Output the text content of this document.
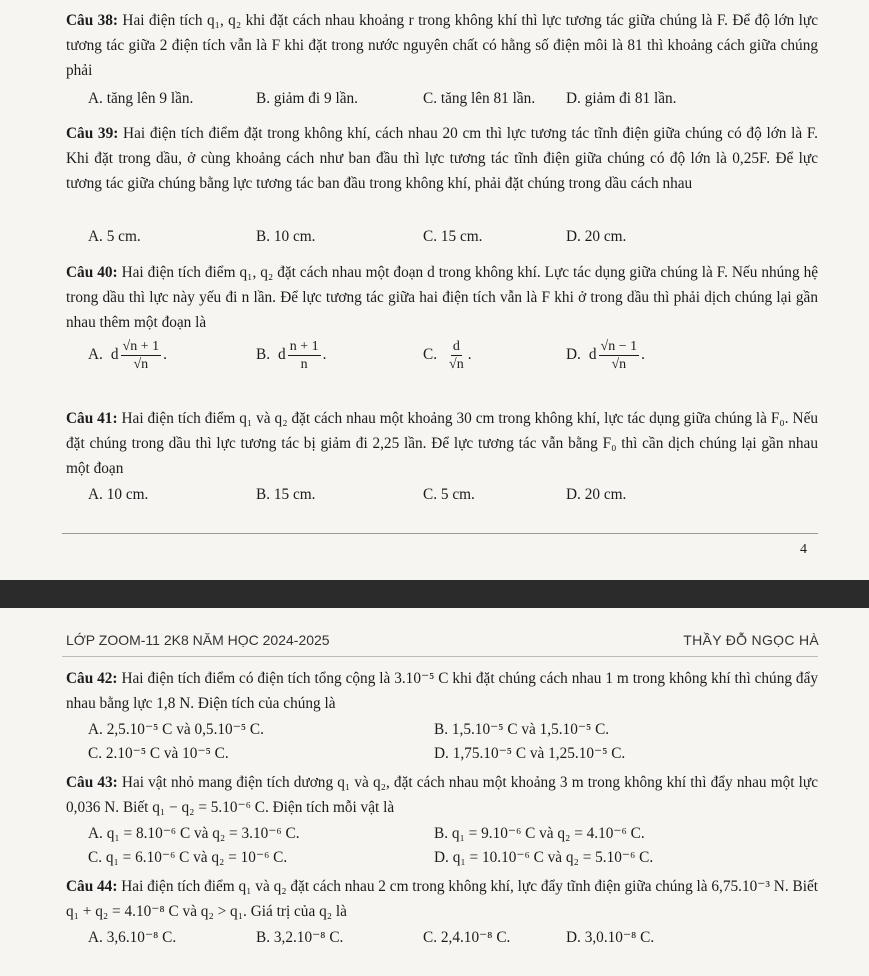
Câu 38: Hai điện tích q₁, q₂ khi đặt cách nhau khoảng r trong không khí thì lực tương tác giữa chúng là F. Để độ lớn lực tương tác giữa 2 điện tích vẫn là F khi đặt trong nước nguyên chất có hằng số điện môi là 81 thì khoảng cách giữa chúng phải
A. tăng lên 9 lần.	B. giảm đi 9 lần.	C. tăng lên 81 lần. D. giảm đi 81 lần.
Câu 39: Hai điện tích điểm đặt trong không khí, cách nhau 20 cm thì lực tương tác tĩnh điện giữa chúng có độ lớn là F. Khi đặt trong dầu, ở cùng khoảng cách như ban đầu thì lực tương tác tĩnh điện giữa chúng có độ lớn là 0,25F. Để lực tương tác giữa chúng bằng lực tương tác ban đầu trong không khí, phải đặt chúng trong dầu cách nhau
A. 5 cm.	B. 10 cm.	C. 15 cm.	D. 20 cm.
Câu 40: Hai điện tích điểm q₁, q₂ đặt cách nhau một đoạn d trong không khí. Lực tác dụng giữa chúng là F. Nếu nhúng hệ trong dầu thì lực này yếu đi n lần. Để lực tương tác giữa hai điện tích vẫn là F khi ở trong dầu thì phải dịch chúng lại gần nhau thêm một đoạn là
A. d $\frac{√n + 1}{√n}$ .	B. d $\frac{n + 1}{n}$ .	C. $\frac{d}{√n}$ .	D. d $\frac{√n - 1}{√n}$ .
Câu 41: Hai điện tích điểm q₁ và q₂ đặt cách nhau một khoảng 30 cm trong không khí, lực tác dụng giữa chúng là F₀. Nếu đặt chúng trong dầu thì lực tương tác bị giảm đi 2,25 lần. Để lực tương tác vẫn bằng F₀ thì cần dịch chúng lại gần nhau một đoạn
A. 10 cm.	B. 15 cm.	C. 5 cm.	D. 20 cm.
4
LỚP ZOOM-11 2K8 NĂM HỌC 2024-2025	THẦY ĐỖ NGỌC HÀ
Câu 42: Hai điện tích điểm có điện tích tổng cộng là 3.10⁻⁵ C khi đặt chúng cách nhau 1 m trong không khí thì chúng đẩy nhau bằng lực 1,8 N. Điện tích của chúng là
A. 2,5.10⁻⁵ C và 0,5.10⁻⁵ C.	B. 1,5.10⁻⁵ C và 1,5.10⁻⁵ C.
C. 2.10⁻⁵ C và 10⁻⁵ C.	D. 1,75.10⁻⁵ C và 1,25.10⁻⁵ C.
Câu 43: Hai vật nhỏ mang điện tích dương q₁ và q₂, đặt cách nhau một khoảng 3 m trong không khí thì đẩy nhau một lực 0,036 N. Biết q₁ − q₂ = 5.10⁻⁶ C. Điện tích mỗi vật là
A. q₁ = 8.10⁻⁶ C và q₂ = 3.10⁻⁶ C.	B. q₁ = 9.10⁻⁶ C và q₂ = 4.10⁻⁶ C.
C. q₁ = 6.10⁻⁶ C và q₂ = 10⁻⁶ C.	D. q₁ = 10.10⁻⁶ C và q₂ = 5.10⁻⁶ C.
Câu 44: Hai điện tích điểm q₁ và q₂ đặt cách nhau 2 cm trong không khí, lực đẩy tĩnh điện giữa chúng là 6,75.10⁻³ N. Biết q₁ + q₂ = 4.10⁻⁸ C và q₂ > q₁. Giá trị của q₂ là
A. 3,6.10⁻⁸ C.	B. 3,2.10⁻⁸ C.	C. 2,4.10⁻⁸ C.	D. 3,0.10⁻⁸ C.
